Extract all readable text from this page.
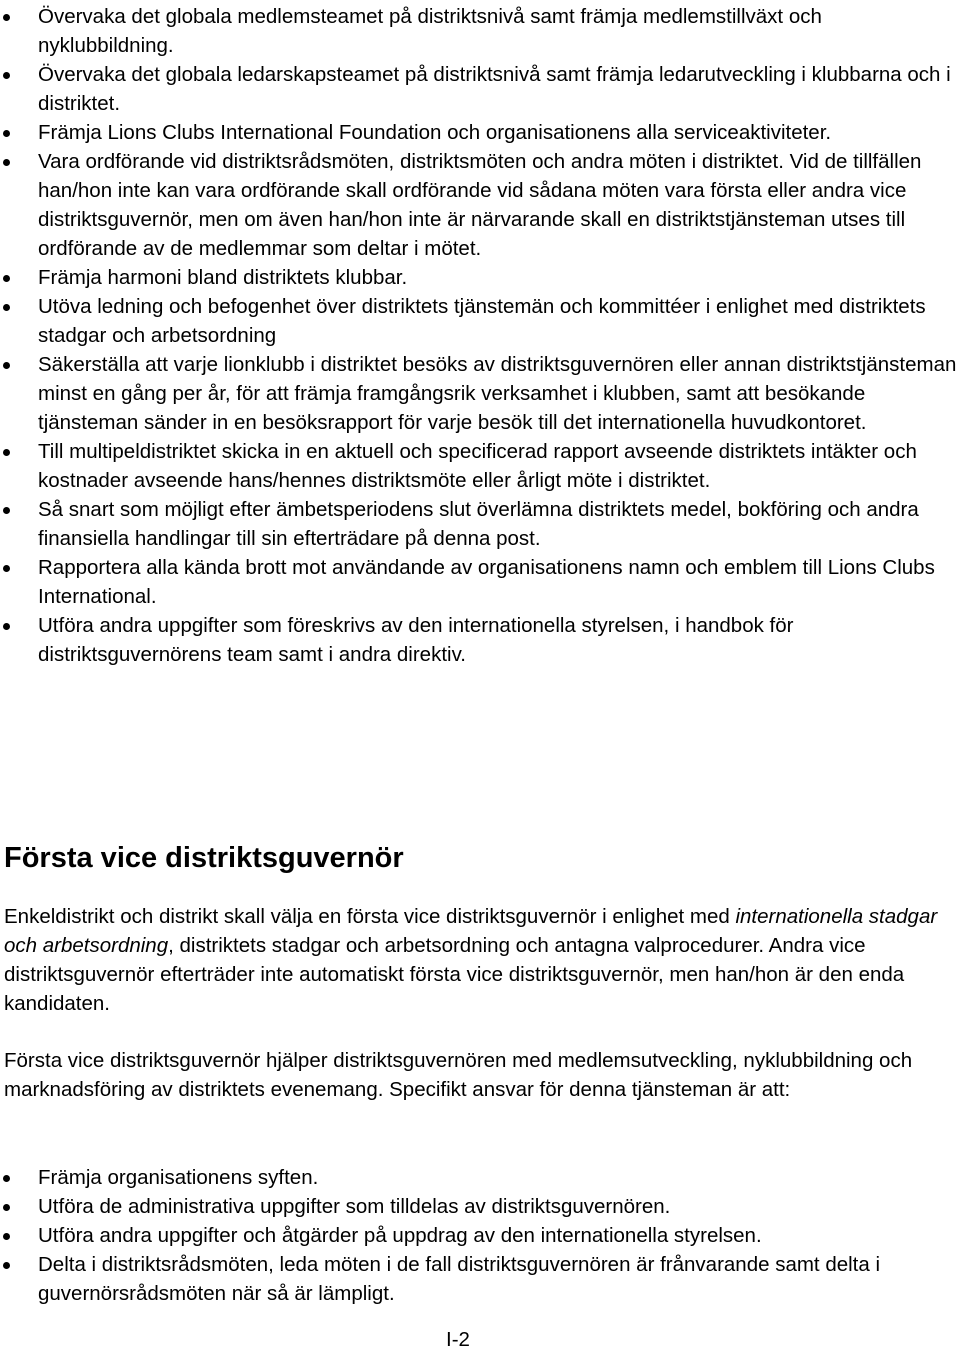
Övervaka det globala medlemsteamet på distriktsnivå samt främja medlemstillväxt och nyklubbildning.
Övervaka det globala ledarskapsteamet på distriktsnivå samt främja ledarutveckling i klubbarna och i distriktet.
Främja Lions Clubs International Foundation och organisationens alla serviceaktiviteter.
Vara ordförande vid distriktsrådsmöten, distriktsmöten och andra möten i distriktet. Vid de tillfällen han/hon inte kan vara ordförande skall ordförande vid sådana möten vara första eller andra vice distriktsguvernör, men om även han/hon inte är närvarande skall en distriktstjänsteman utses till ordförande av de medlemmar som deltar i mötet.
Främja harmoni bland distriktets klubbar.
Utöva ledning och befogenhet över distriktets tjänstemän och kommittéer i enlighet med distriktets stadgar och arbetsordning
Säkerställa att varje lionklubb i distriktet besöks av distriktsguvernören eller annan distriktstjänsteman minst en gång per år, för att främja framgångsrik verksamhet i klubben, samt att besökande tjänsteman sänder in en besöksrapport för varje besök till det internationella huvudkontoret.
Till multipeldistriktet skicka in en aktuell och specificerad rapport avseende distriktets intäkter och kostnader avseende hans/hennes distriktsmöte eller årligt möte i distriktet.
Så snart som möjligt efter ämbetsperiodens slut överlämna distriktets medel, bokföring och andra finansiella handlingar till sin efterträdare på denna post.
Rapportera alla kända brott mot användande av organisationens namn och emblem till Lions Clubs International.
Utföra andra uppgifter som föreskrivs av den internationella styrelsen, i handbok för distriktsguvernörens team samt i andra direktiv.
Första vice distriktsguvernör

Enkeldistrikt och distrikt skall välja en första vice distriktsguvernör i enlighet med internationella stadgar och arbetsordning, distriktets stadgar och arbetsordning och antagna valprocedurer. Andra vice distriktsguvernör efterträder inte automatiskt första vice distriktsguvernör, men han/hon är den enda kandidaten.

Första vice distriktsguvernör hjälper distriktsguvernören med medlemsutveckling, nyklubbildning och marknadsföring av distriktets evenemang. Specifikt ansvar för denna tjänsteman är att:

Främja organisationens syften.
Utföra de administrativa uppgifter som tilldelas av distriktsguvernören.
Utföra andra uppgifter och åtgärder på uppdrag av den internationella styrelsen.
Delta i distriktsrådsmöten, leda möten i de fall distriktsguvernören är frånvarande samt delta i guvernörsrådsmöten när så är lämpligt.
I-2
